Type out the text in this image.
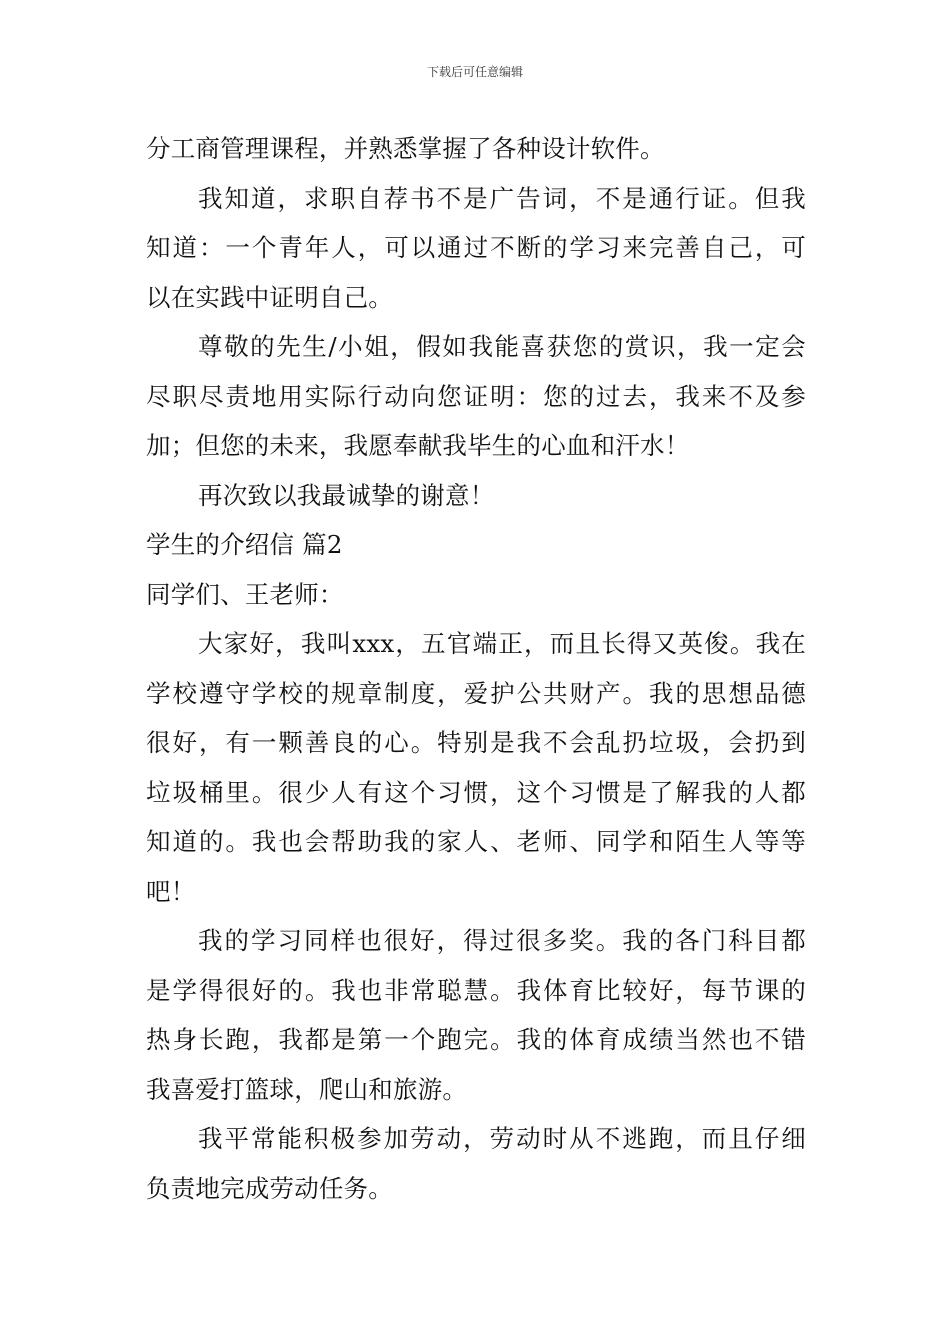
下载后可任意编辑
分工商管理课程，并熟悉掌握了各种设计软件。
我知道，求职自荐书不是广告词，不是通行证。但我
知道：一个青年人，可以通过不断的学习来完善自己，可
以在实践中证明自己。
尊敬的先生/小姐，假如我能喜获您的赏识，我一定会
尽职尽责地用实际行动向您证明：您的过去，我来不及参
加；但您的未来，我愿奉献我毕生的心血和汗水！
再次致以我最诚挚的谢意！
学生的介绍信 篇2
同学们、王老师：
大家好，我叫xxx，五官端正，而且长得又英俊。我在
学校遵守学校的规章制度，爱护公共财产。我的思想品德
很好，有一颗善良的心。特别是我不会乱扔垃圾，会扔到
垃圾桶里。很少人有这个习惯，这个习惯是了解我的人都
知道的。我也会帮助我的家人、老师、同学和陌生人等等
吧！
我的学习同样也很好，得过很多奖。我的各门科目都
是学得很好的。我也非常聪慧。我体育比较好，每节课的
热身长跑，我都是第一个跑完。我的体育成绩当然也不错
我喜爱打篮球，爬山和旅游。
我平常能积极参加劳动，劳动时从不逃跑，而且仔细
负责地完成劳动任务。
